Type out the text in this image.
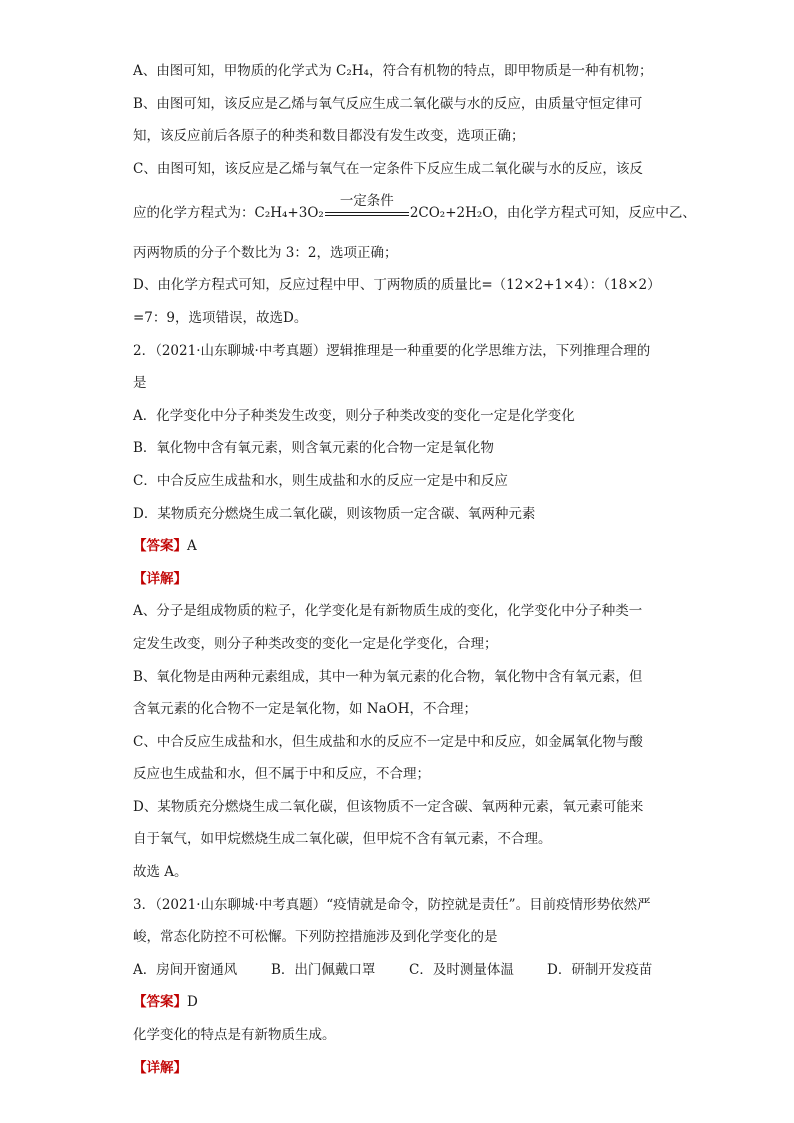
A、由图可知，甲物质的化学式为 C₂H₄，符合有机物的特点，即甲物质是一种有机物；

B、由图可知，该反应是乙烯与氧气反应生成二氧化碳与水的反应，由质量守恒定律可

知，该反应前后各原子的种类和数目都没有发生改变，选项正确；

C、由图可知，该反应是乙烯与氧气在一定条件下反应生成二氧化碳与水的反应，该反

应的化学方程式为：C₂H₄+3O₂
一定条件
2CO₂+2H₂O，由化学方程式可知，反应中乙、

丙两物质的分子个数比为 3：2，选项正确；

D、由化学方程式可知，反应过程中甲、丁两物质的质量比=（12×2+1×4）：（18×2）

=7：9，选项错误，故选D。

2．（2021·山东聊城·中考真题）逻辑推理是一种重要的化学思维方法，下列推理合理的

是

A．化学变化中分子种类发生改变，则分子种类改变的变化一定是化学变化

B．氧化物中含有氧元素，则含氧元素的化合物一定是氧化物

C．中合反应生成盐和水，则生成盐和水的反应一定是中和反应

D．某物质充分燃烧生成二氧化碳，则该物质一定含碳、氧两种元素

【答案】A

【详解】

A、分子是组成物质的粒子，化学变化是有新物质生成的变化，化学变化中分子种类一

定发生改变，则分子种类改变的变化一定是化学变化，合理；

B、氧化物是由两种元素组成，其中一种为氧元素的化合物，氧化物中含有氧元素，但

含氧元素的化合物不一定是氧化物，如 NaOH，不合理；

C、中合反应生成盐和水，但生成盐和水的反应不一定是中和反应，如金属氧化物与酸

反应也生成盐和水，但不属于中和反应，不合理；

D、某物质充分燃烧生成二氧化碳，但该物质不一定含碳、氧两种元素，氧元素可能来

自于氧气，如甲烷燃烧生成二氧化碳，但甲烷不含有氧元素，不合理。

故选 A。

3．（2021·山东聊城·中考真题）“疫情就是命令，防控就是责任”。目前疫情形势依然严

峻，常态化防控不可松懈。下列防控措施涉及到化学变化的是

A．房间开窗通风	B．出门佩戴口罩 C．及时测量体温 D．研制开发疫苗

【答案】D

化学变化的特点是有新物质生成。

【详解】
